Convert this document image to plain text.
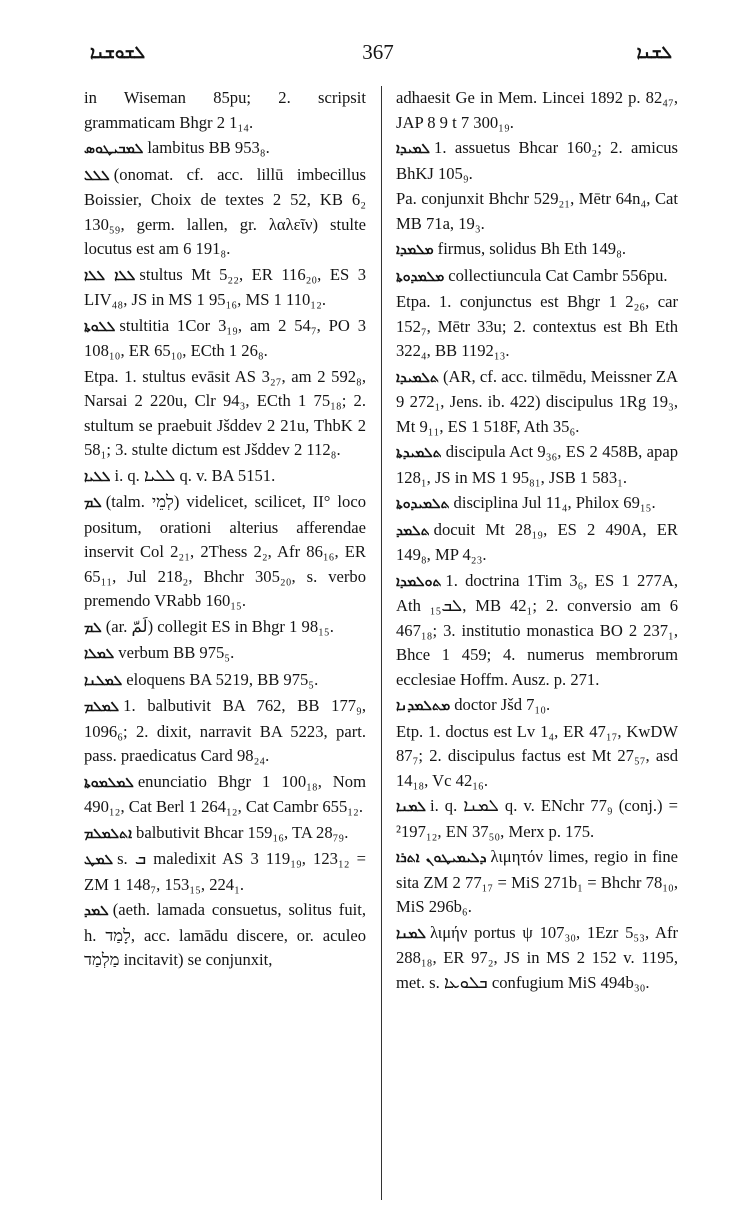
ܠܫܘܫܢܐ	367	ܠܫܢܐ
in Wiseman 85pu; 2. scripsit grammaticam Bhgr 2 1₁₄.
ܠܡܒܝܛܘܣ lambitus BB 953₈.
ܠܠܠ (onomat. cf. acc. lillū imbecillus Boissier, Choix de textes 2 52, KB 6₂ 130₅₉, germ. lallen, gr. λαλεῖν) stulte locutus est am 6 191₈.
ܠܠܐ ܠܠܐ stultus Mt 5₂₂, ER 116₂₀, ES 3 LIV₄₈, JS in MS 1 95₁₆, MS 1 110₁₂.
ܠܠܘܬܐ stultitia 1Cor 3₁₉, am 2 54₇, PO 3 108₁₀, ER 65₁₀, ECth 1 26₈.
Etpa. 1. stultus evāsit AS 3₂₇, am 2 592₈, Narsai 2 220u, Clr 94₃, ECth 1 75₁₈; 2. stultum se praebuit Jšddev 2 21u, ThbK 2 58₁; 3. stulte dictum est Jšddev 2 112₈.
ܠܠܝܐ i. q. ܠܠܝܐ q. v. BA 5151.
ܠܡ (talm. לְמֵי) videlicet, scilicet, II° loco positum, orationi alterius afferendae inservit Col 2₂₁, 2Thess 2₂, Afr 86₁₆, ER 65₁₁, Jul 218₂, Bhchr 305₂₀, s. verbo premendo VRabb 160₁₅.
ܠܡ (ar. لَمّ) collegit ES in Bhgr 1 98₁₅.
ܠܡܠܐ verbum BB 975₅.
ܠܡܠܢܐ eloquens BA 5219, BB 975₅.
ܠܡܠܡ 1. balbutivit BA 762, BB 177₉, 1096₆; 2. dixit, narravit BA 5223, part. pass. praedicatus Card 98₂₄.
ܠܡܠܡܘܬܐ enunciatio Bhgr 1 100₁₈, Nom 490₁₂, Cat Berl 1 264₁₂, Cat Cambr 655₁₂.
ܐܬܠܡܠܡ balbutivit Bhcar 159₁₆, TA 28₇₉.
ܠܡܛ s. ܒ maledixit AS 3 119₁₉, 123₁₂ = ZM 1 148₇, 153₁₅, 224₁.
ܠܡܕ (aeth. lamada consuetus, solitus fuit, h. לָמַד, acc. lamādu discere, or. aculeo מַלְמַד incitavit) se conjunxit,
adhaesit Ge in Mem. Lincei 1892 p. 82₄₇, JAP 8 9 t 7 300₁₉.
ܠܡܝܕܐ 1. assuetus Bhcar 160₂; 2. amicus BhKJ 105₉.
Pa. conjunxit Bhchr 529₂₁, Mētr 64n₄, Cat MB 71a, 19₃.
ܡܠܡܕܐ firmus, solidus Bh Eth 149₈.
ܡܠܡܕܘܬܐ collectiuncula Cat Cambr 556pu.
Etpa. 1. conjunctus est Bhgr 1 2₂₆, car 152₇, Mētr 33u; 2. contextus est Bh Eth 322₄, BB 1192₁₃.
ܬܠܡܝܕܐ (AR, cf. acc. tilmēdu, Meissner ZA 9 272₁, Jens. ib. 422) discipulus 1Rg 19₃, Mt 9₁₁, ES 1 518F, Ath 35₆.
ܬܠܡܝܕܬܐ discipula Act 9₃₆, ES 2 458B, apap 128₁, JS in MS 1 95₈₁, JSB 1 583₁.
ܬܠܡܝܕܘܬܐ disciplina Jul 11₄, Philox 69₁₅.
ܬܠܡܕ docuit Mt 28₁₉, ES 2 490A, ER 149₈, MP 4₂₃.
ܬܘܠܡܕܐ 1. doctrina 1Tim 3₆, ES 1 277A, Ath ܠܒ₁₅, MB 42₁; 2. conversio am 6 467₁₈; 3. institutio monastica BO 2 237₁, Bhce 1 459; 4. numerus membrorum ecclesiae Hoffm. Ausz. p. 271.
ܡܬܠܡܕܢܐ doctor Jšd 7₁₀.
Etp. 1. doctus est Lv 1₄, ER 47₁₇, KwDW 87₇; 2. discipulus factus est Mt 27₅₇, asd 14₁₈, Vc 42₁₆.
ܠܡܢܐ i. q. ܠܡܢܐ q. v. ENchr 77₉ (conj.) = ²197₁₂, EN 37₅₀, Merx p. 175.
ܕܠܝܡܝܛܘܢ ܐܬܪܐ λιμητόν limes, regio in fine sita ZM 2 77₁₇ = MiS 271b₁ = Bhchr 78₁₀, MiS 296b₆.
ܠܡܢܐ λιμήν portus ψ 107₃₀, 1Ezr 5₅₃, Afr 288₁₈, ER 97₂, JS in MS 2 152 v. 1195, met. s. ܒܠܘܥܐ confugium MiS 494b₃₀.
